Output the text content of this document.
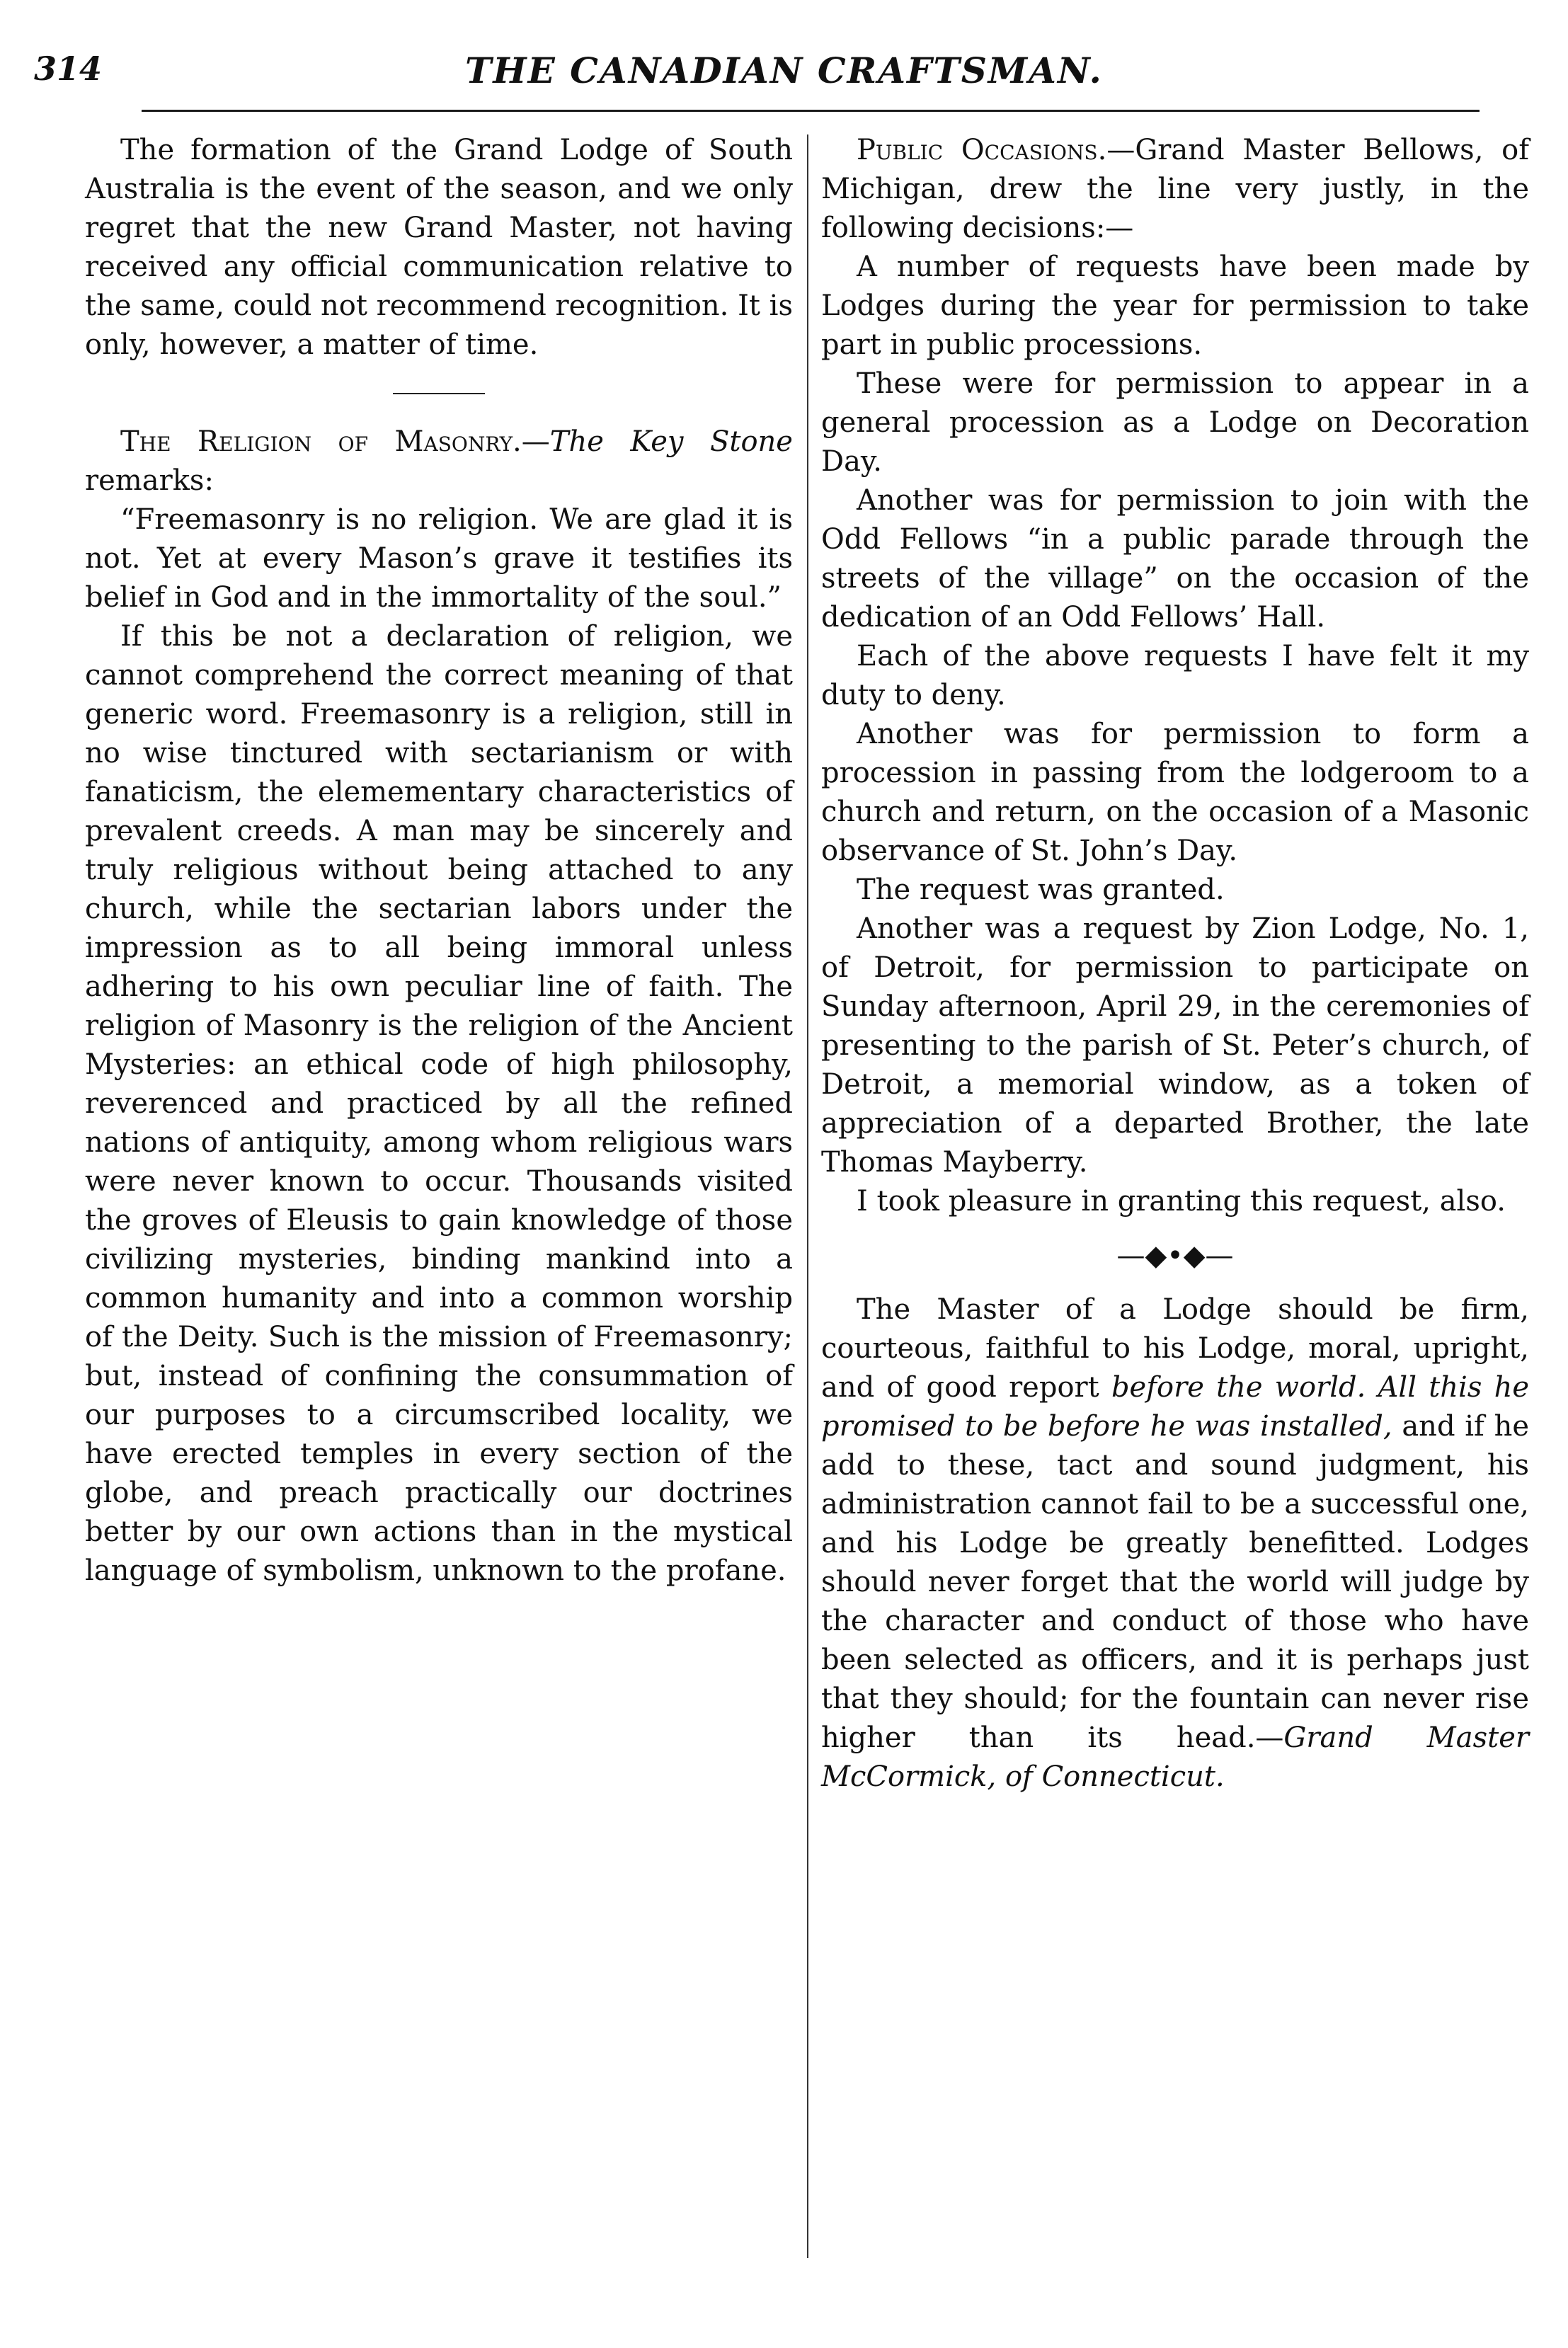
314	THE CANADIAN CRAFTSMAN.

The formation of the Grand Lodge of South Australia is the event of the season, and we only regret that the new Grand Master, not having received any official communication relative to the same, could not recommend recognition. It is only, however, a matter of time.

The Religion of Masonry.—The Key Stone remarks:

“Freemasonry is no religion. We are glad it is not. Yet at every Mason’s grave it testifies its belief in God and in the immortality of the soul.”

If this be not a declaration of religion, we cannot comprehend the correct meaning of that generic word. Freemasonry is a religion, still in no wise tinctured with sectarianism or with fanaticism, the elemementary characteristics of prevalent creeds. A man may be sincerely and truly religious without being attached to any church, while the sectarian labors under the impression as to all being immoral unless adhering to his own peculiar line of faith. The religion of Masonry is the religion of the Ancient Mysteries: an ethical code of high philosophy, reverenced and practiced by all the refined nations of antiquity, among whom religious wars were never known to occur. Thousands visited the groves of Eleusis to gain knowledge of those civilizing mysteries, binding mankind into a common humanity and into a common worship of the Deity. Such is the mission of Freemasonry; but, instead of confining the consummation of our purposes to a circumscribed locality, we have erected temples in every section of the globe, and preach practically our doctrines better by our own actions than in the mystical language of symbolism, unknown to the profane.

Public Occasions.—Grand Master Bellows, of Michigan, drew the line very justly, in the following decisions:—

A number of requests have been made by Lodges during the year for permission to take part in public processions.

These were for permission to appear in a general procession as a Lodge on Decoration Day.

Another was for permission to join with the Odd Fellows “in a public parade through the streets of the village” on the occasion of the dedication of an Odd Fellows’ Hall.

Each of the above requests I have felt it my duty to deny.

Another was for permission to form a procession in passing from the lodgeroom to a church and return, on the occasion of a Masonic observance of St. John’s Day.

The request was granted.

Another was a request by Zion Lodge, No. 1, of Detroit, for permission to participate on Sunday afternoon, April 29, in the ceremonies of presenting to the parish of St. Peter’s church, of Detroit, a memorial window, as a token of appreciation of a departed Brother, the late Thomas Mayberry.

I took pleasure in granting this request, also.

—◆•◆—

The Master of a Lodge should be firm, courteous, faithful to his Lodge, moral, upright, and of good report before the world. All this he promised to be before he was installed, and if he add to these, tact and sound judgment, his administration cannot fail to be a successful one, and his Lodge be greatly benefitted. Lodges should never forget that the world will judge by the character and conduct of those who have been selected as officers, and it is perhaps just that they should; for the fountain can never rise higher than its head.—Grand Master McCormick, of Connecticut.
